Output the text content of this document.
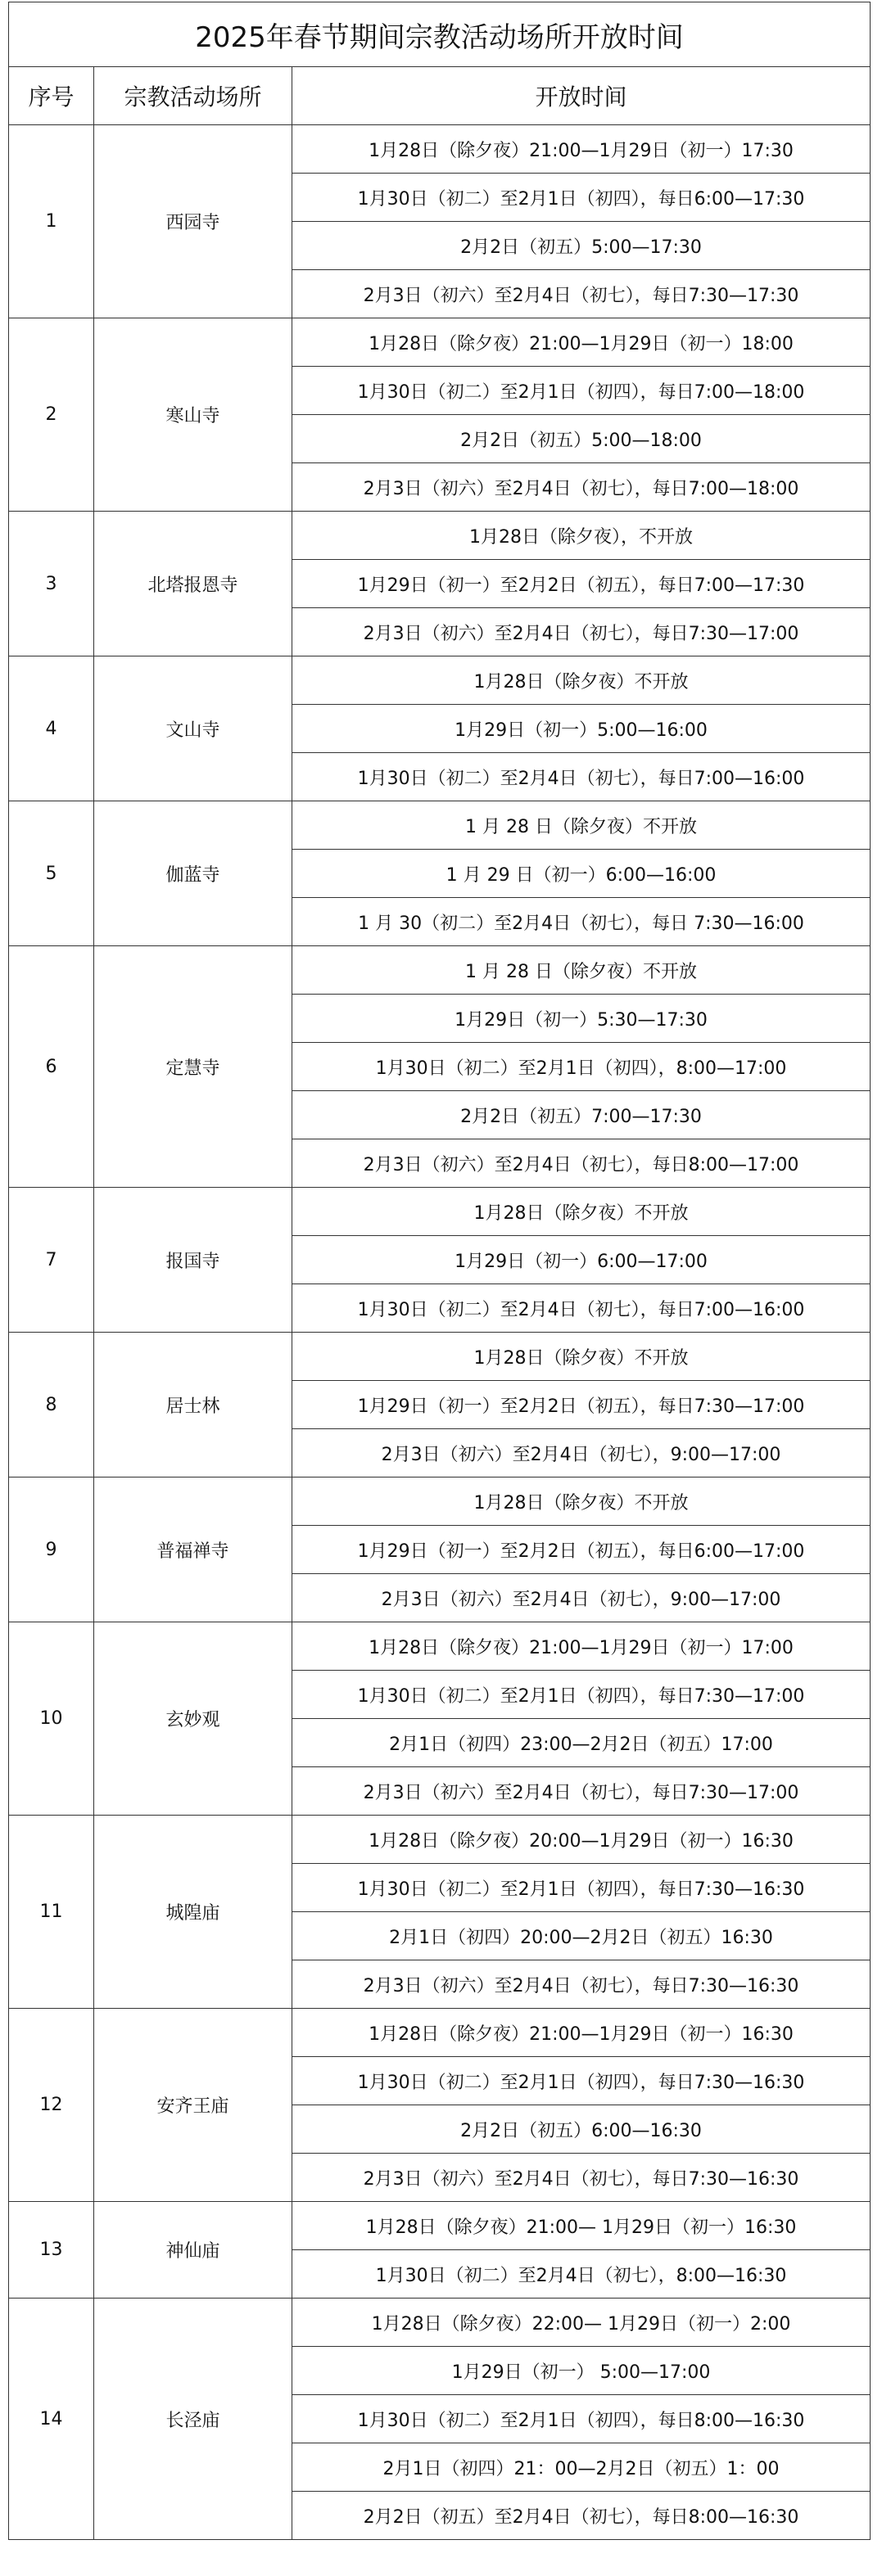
2025年春节期间宗教活动场所开放时间		
序号	宗教活动场所	开放时间
1	西园寺	1月28日（除夕夜）21:00—1月29日（初一）17:30
		1月30日（初二）至2月1日（初四），每日6:00—17:30
		2月2日（初五）5:00—17:30
		2月3日（初六）至2月4日（初七），每日7:30—17:30
2	寒山寺	1月28日（除夕夜）21:00—1月29日（初一）18:00
		1月30日（初二）至2月1日（初四），每日7:00—18:00
		2月2日（初五）5:00—18:00
		2月3日（初六）至2月4日（初七），每日7:00—18:00
3	北塔报恩寺	1月28日（除夕夜），不开放
		1月29日（初一）至2月2日（初五），每日7:00—17:30
		2月3日（初六）至2月4日（初七），每日7:30—17:00
4	文山寺	1月28日（除夕夜）不开放
		1月29日（初一）5:00—16:00
		1月30日（初二）至2月4日（初七），每日7:00—16:00
5	伽蓝寺	1 月 28 日（除夕夜）不开放
		1 月 29 日（初一）6:00—16:00
		1 月 30（初二）至2月4日（初七），每日 7:30—16:00
6	定慧寺	1 月 28 日（除夕夜）不开放
		1月29日（初一）5:30—17:30
		1月30日（初二）至2月1日（初四），8:00—17:00
		2月2日（初五）7:00—17:30
		2月3日（初六）至2月4日（初七），每日8:00—17:00
7	报国寺	1月28日（除夕夜）不开放
		1月29日（初一）6:00—17:00
		1月30日（初二）至2月4日（初七），每日7:00—16:00
8	居士林	1月28日（除夕夜）不开放
		1月29日（初一）至2月2日（初五），每日7:30—17:00
		2月3日（初六）至2月4日（初七），9:00—17:00
9	普福禅寺	1月28日（除夕夜）不开放
		1月29日（初一）至2月2日（初五），每日6:00—17:00
		2月3日（初六）至2月4日（初七），9:00—17:00
10	玄妙观	1月28日（除夕夜）21:00—1月29日（初一）17:00
		1月30日（初二）至2月1日（初四），每日7:30—17:00
		2月1日（初四）23:00—2月2日（初五）17:00
		2月3日（初六）至2月4日（初七），每日7:30—17:00
11	城隍庙	1月28日（除夕夜）20:00—1月29日（初一）16:30
		1月30日（初二）至2月1日（初四），每日7:30—16:30
		2月1日（初四）20:00—2月2日（初五）16:30
		2月3日（初六）至2月4日（初七），每日7:30—16:30
12	安齐王庙	1月28日（除夕夜）21:00—1月29日（初一）16:30
		1月30日（初二）至2月1日（初四），每日7:30—16:30
		2月2日（初五）6:00—16:30
		2月3日（初六）至2月4日（初七），每日7:30—16:30
13	神仙庙	1月28日（除夕夜）21:00— 1月29日（初一）16:30
		1月30日（初二）至2月4日（初七），8:00—16:30
14	长泾庙	1月28日（除夕夜）22:00— 1月29日（初一）2:00
		1月29日（初一） 5:00—17:00
		1月30日（初二）至2月1日（初四），每日8:00—16:30
		2月1日（初四）21：00—2月2日（初五）1：00
		2月2日（初五）至2月4日（初七），每日8:00—16:30
